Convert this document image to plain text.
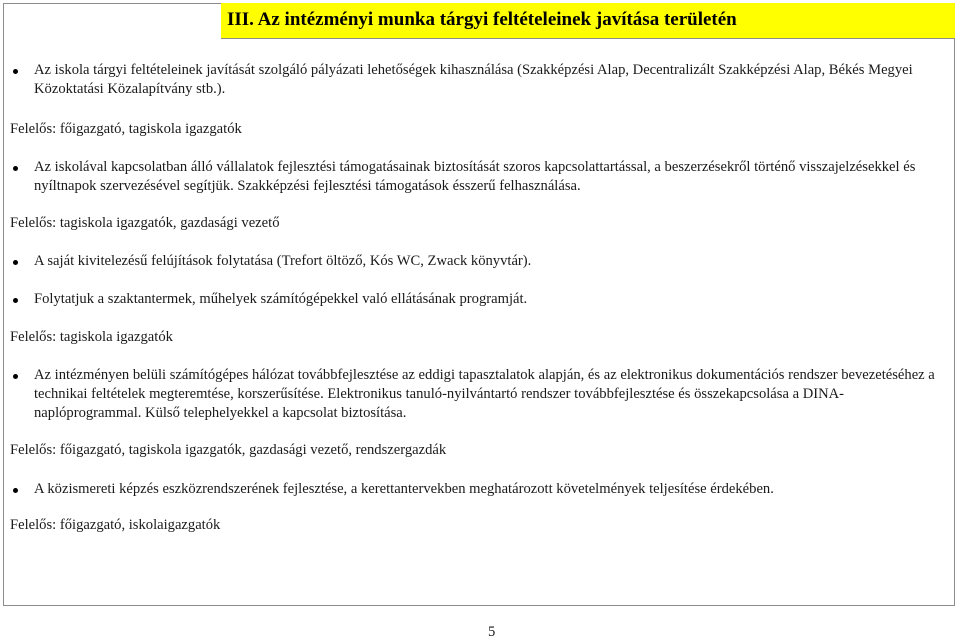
III. Az intézményi munka tárgyi feltételeinek javítása területén
Az iskola tárgyi feltételeinek javítását szolgáló pályázati lehetőségek kihasználása (Szakképzési Alap, Decentralizált Szakképzési Alap, Békés Megyei Közoktatási Közalapítvány stb.).
Felelős: főigazgató, tagiskola igazgatók
Az iskolával kapcsolatban álló vállalatok fejlesztési támogatásainak biztosítását szoros kapcsolattartással, a beszerzésekről történő visszajelzésekkel és nyíltnapok szervezésével segítjük. Szakképzési fejlesztési támogatások ésszerű felhasználása.
Felelős: tagiskola igazgatók, gazdasági vezető
A saját kivitelezésű felújítások folytatása (Trefort öltöző, Kós WC, Zwack könyvtár).
Folytatjuk a szaktantermek, műhelyek számítógépekkel való ellátásának programját.
Felelős: tagiskola igazgatók
Az intézményen belüli számítógépes hálózat továbbfejlesztése az eddigi tapasztalatok alapján, és az elektronikus dokumentációs rendszer bevezetéséhez a technikai feltételek megteremtése, korszerűsítése. Elektronikus tanuló-nyilvántartó rendszer továbbfejlesztése és összekapcsolása a DINA-naplóprogrammal. Külső telephelyekkel a kapcsolat biztosítása.
Felelős: főigazgató, tagiskola igazgatók, gazdasági vezető, rendszergazdák
A közismereti képzés eszközrendszerének fejlesztése, a kerettantervekben meghatározott követelmények teljesítése érdekében.
Felelős: főigazgató, iskolaigazgatók
5
